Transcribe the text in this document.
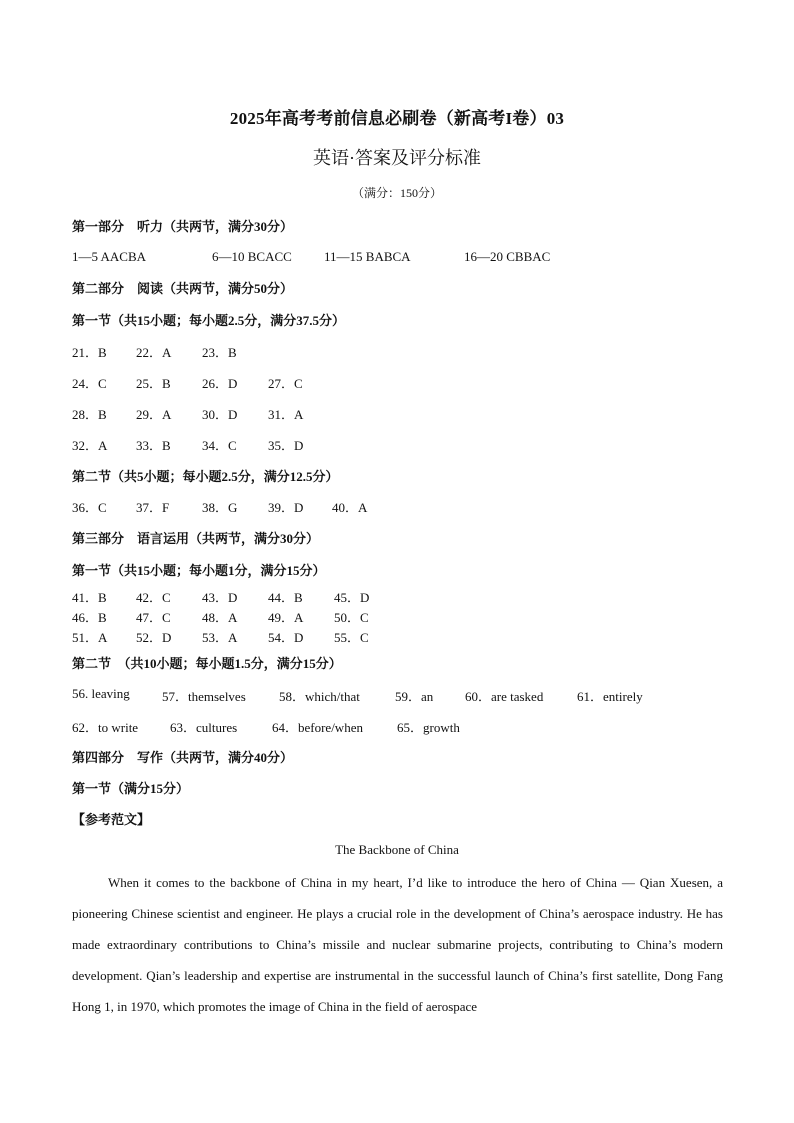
2025年高考考前信息必刷卷（新高考I卷）03
英语·答案及评分标准
（满分：150分）
第一部分　听力（共两节，满分30分）
1—5 AACBA	6—10 BCACC 11—15 BABCA	16—20 CBBAC
第二部分　阅读（共两节，满分50分）
第一节（共15小题；每小题2.5分，满分37.5分）
21．B 22．A 23．B
24．C 25．B 26．D 27．C
28．B 29．A 30．D 31．A
32．A 33．B 34．C 35．D
第二节（共5小题；每小题2.5分，满分12.5分）
36．C 37．F	38．G 39．D 40．A
第三部分　语言运用（共两节，满分30分）
第一节（共15小题；每小题1分，满分15分）
41．B 42．C 43．D 44．B 45．D
46．B 47．C 48．A 49．A 50．C
51．A 52．D 53．A 54．D 55．C
第二节　（共10小题；每小题1.5分，满分15分）
56. leaving 57．themselves	58．which/that	59．an 60．are tasked	61．entirely
62．to write 63．cultures	64．before/when	65．growth
第四部分　写作（共两节，满分40分）
第一节（满分15分）
【参考范文】
The Backbone of China
When it comes to the backbone of China in my heart, I’d like to introduce the hero of China — Qian Xuesen, a pioneering Chinese scientist and engineer. He plays a crucial role in the development of China’s aerospace industry. He has made extraordinary contributions to China’s missile and nuclear submarine projects, contributing to China’s modern development. Qian’s leadership and expertise are instrumental in the successful launch of China’s first satellite, Dong Fang Hong 1, in 1970, which promotes the image of China in the field of aerospace
